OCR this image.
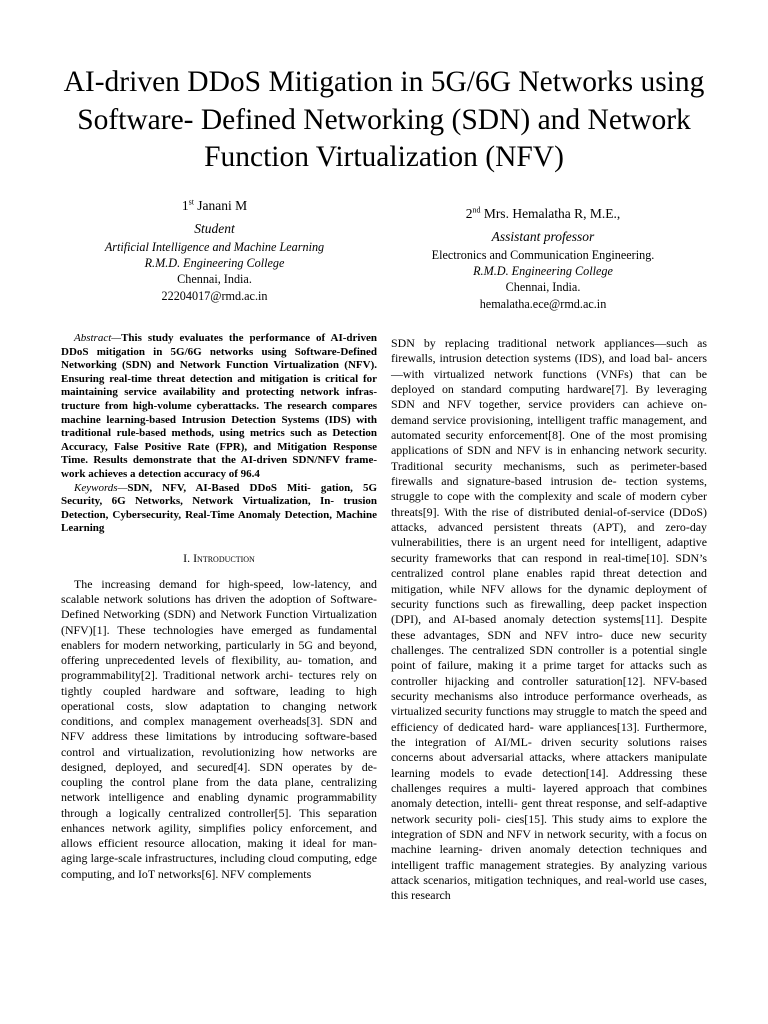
AI-driven DDoS Mitigation in 5G/6G Networks using Software- Defined Networking (SDN) and Network Function Virtualization (NFV)
1st Janani M
Student
Artificial Intelligence and Machine Learning
R.M.D. Engineering College
Chennai, India.
22204017@rmd.ac.in
2nd Mrs. Hemalatha R, M.E.,
Assistant professor
Electronics and Communication Engineering.
R.M.D. Engineering College
Chennai, India.
hemalatha.ece@rmd.ac.in

Abstract—This study evaluates the performance of AI-driven DDoS mitigation in 5G/6G networks using Software-Defined Networking (SDN) and Network Function Virtualization (NFV). Ensuring real-time threat detection and mitigation is critical for maintaining service availability and protecting network infras- tructure from high-volume cyberattacks. The research compares machine learning-based Intrusion Detection Systems (IDS) with traditional rule-based methods, using metrics such as Detection Accuracy, False Positive Rate (FPR), and Mitigation Response Time. Results demonstrate that the AI-driven SDN/NFV frame- work achieves a detection accuracy of 96.4

Keywords—SDN, NFV, AI-Based DDoS Miti- gation, 5G Security, 6G Networks, Network Virtualization, In- trusion Detection, Cybersecurity, Real-Time Anomaly Detection, Machine Learning

I. Introduction

The increasing demand for high-speed, low-latency, and scalable network solutions has driven the adoption of Software-Defined Networking (SDN) and Network Function Virtualization (NFV)[1]. These technologies have emerged as fundamental enablers for modern networking, particularly in 5G and beyond, offering unprecedented levels of flexibility, au- tomation, and programmability[2]. Traditional network archi- tectures rely on tightly coupled hardware and software, leading to high operational costs, slow adaptation to changing network conditions, and complex management overheads[3]. SDN and NFV address these limitations by introducing software-based control and virtualization, revolutionizing how networks are designed, deployed, and secured[4]. SDN operates by de- coupling the control plane from the data plane, centralizing network intelligence and enabling dynamic programmability through a logically centralized controller[5]. This separation enhances network agility, simplifies policy enforcement, and allows efficient resource allocation, making it ideal for man- aging large-scale infrastructures, including cloud computing, edge computing, and IoT networks[6]. NFV complements

SDN by replacing traditional network appliances—such as firewalls, intrusion detection systems (IDS), and load bal- ancers—with virtualized network functions (VNFs) that can be deployed on standard computing hardware[7]. By leveraging SDN and NFV together, service providers can achieve on- demand service provisioning, intelligent traffic management, and automated security enforcement[8]. One of the most promising applications of SDN and NFV is in enhancing network security. Traditional security mechanisms, such as perimeter-based firewalls and signature-based intrusion de- tection systems, struggle to cope with the complexity and scale of modern cyber threats[9]. With the rise of distributed denial-of-service (DDoS) attacks, advanced persistent threats (APT), and zero-day vulnerabilities, there is an urgent need for intelligent, adaptive security frameworks that can respond in real-time[10]. SDN’s centralized control plane enables rapid threat detection and mitigation, while NFV allows for the dynamic deployment of security functions such as firewalling, deep packet inspection (DPI), and AI-based anomaly detection systems[11]. Despite these advantages, SDN and NFV intro- duce new security challenges. The centralized SDN controller is a potential single point of failure, making it a prime target for attacks such as controller hijacking and controller saturation[12]. NFV-based security mechanisms also introduce performance overheads, as virtualized security functions may struggle to match the speed and efficiency of dedicated hard- ware appliances[13]. Furthermore, the integration of AI/ML- driven security solutions raises concerns about adversarial attacks, where attackers manipulate learning models to evade detection[14]. Addressing these challenges requires a multi- layered approach that combines anomaly detection, intelli- gent threat response, and self-adaptive network security poli- cies[15]. This study aims to explore the integration of SDN and NFV in network security, with a focus on machine learning- driven anomaly detection techniques and intelligent traffic management strategies. By analyzing various attack scenarios, mitigation techniques, and real-world use cases, this research
